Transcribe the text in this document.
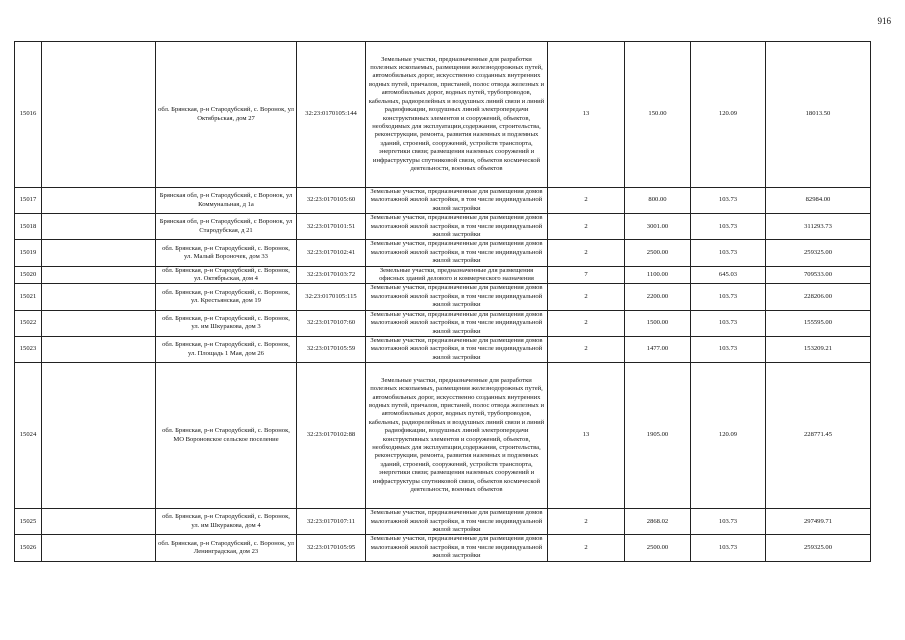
916
15016		обл. Брянская, р-н Стародубский, с. Воронок, ул Октябрьская, дом 27	32:23:0170105:144	Земельные участки, предназначенные для разработки полезных ископаемых, размещения железнодорожных путей, автомобильных дорог, искусственно созданных внутренних водных путей, причалов, пристаней, полос отвода железных и автомобильных дорог, водных путей, трубопроводов, кабельных, радиорелейных и воздушных линий связи и линий радиофикации, воздушных линий электропередачи конструктивных элементов и сооружений, объектов, необходимых для эксплуатации,содержания, строительства, реконструкции, ремонта, развития наземных и подземных зданий, строений, сооружений, устройств транспорта, энергетики связи; размещения наземных сооружений и инфраструктуры спутниковой связи, объектов космической деятельности, военных объектов	13	150.00	120.09	18013.50
15017		Брянская обл, р-н Стародубский, с Воронок, ул Коммунальная, д 1а	32:23:0170105:60	Земельные участки, предназначенные для размещения домов малоэтажной жилой застройки, в том числе индивидуальной жилой застройки	2	800.00	103.73	82984.00
15018		Брянская обл, р-н Стародубский, с Воронок, ул Стародубская, д 21	32:23:0170101:51	Земельные участки, предназначенные для размещения домов малоэтажной жилой застройки, в том числе индивидуальной жилой застройки	2	3001.00	103.73	311293.73
15019		обл. Брянская, р-н Стародубский, с. Воронок, ул. Малый Вороночек, дом 33	32:23:0170102:41	Земельные участки, предназначенные для размещения домов малоэтажной жилой застройки, в том числе индивидуальной жилой застройки	2	2500.00	103.73	259325.00
15020		обл. Брянская, р-н Стародубский, с. Воронок, ул. Октябрьская, дом 4	32:23:0170103:72	Земельные участки, предназначенные для размещения офисных зданий делового и коммерческого назначения	7	1100.00	645.03	709533.00
15021		обл. Брянская, р-н Стародубский, с. Воронок, ул. Крестьянская, дом 19	32:23:0170105:115	Земельные участки, предназначенные для размещения домов малоэтажной жилой застройки, в том числе индивидуальной жилой застройки	2	2200.00	103.73	228206.00
15022		обл. Брянская, р-н Стародубский, с. Воронок, ул. им Шкуракова, дом 3	32:23:0170107:60	Земельные участки, предназначенные для размещения домов малоэтажной жилой застройки, в том числе индивидуальной жилой застройки	2	1500.00	103.73	155595.00
15023		обл. Брянская, р-н Стародубский, с. Воронок, ул. Площадь 1 Мая, дом 26	32:23:0170105:59	Земельные участки, предназначенные для размещения домов малоэтажной жилой застройки, в том числе индивидуальной жилой застройки	2	1477.00	103.73	153209.21
15024		обл. Брянская, р-н Стародубский, с. Воронок, МО Вороновское сельское поселение	32:23:0170102:88	Земельные участки, предназначенные для разработки полезных ископаемых, размещения железнодорожных путей, автомобильных дорог, искусственно созданных внутренних водных путей, причалов, пристаней, полос отвода железных и автомобильных дорог, водных путей, трубопроводов, кабельных, радиорелейных и воздушных линий связи и линий радиофикации, воздушных линий электропередачи конструктивных элементов и сооружений, объектов, необходимых для эксплуатации,содержания, строительства, реконструкции, ремонта, развития наземных и подземных зданий, строений, сооружений, устройств транспорта, энергетики связи; размещения наземных сооружений и инфраструктуры спутниковой связи, объектов космической деятельности, военных объектов	13	1905.00	120.09	228771.45
15025		обл. Брянская, р-н Стародубский, с. Воронок, ул. им Шкуракова, дом 4	32:23:0170107:11	Земельные участки, предназначенные для размещения домов малоэтажной жилой застройки, в том числе индивидуальной жилой застройки	2	2868.02	103.73	297499.71
15026		обл. Брянская, р-н Стародубский, с. Воронок, ул Ленинградская, дом 23	32:23:0170105:95	Земельные участки, предназначенные для размещения домов малоэтажной жилой застройки, в том числе индивидуальной жилой застройки	2	2500.00	103.73	259325.00
